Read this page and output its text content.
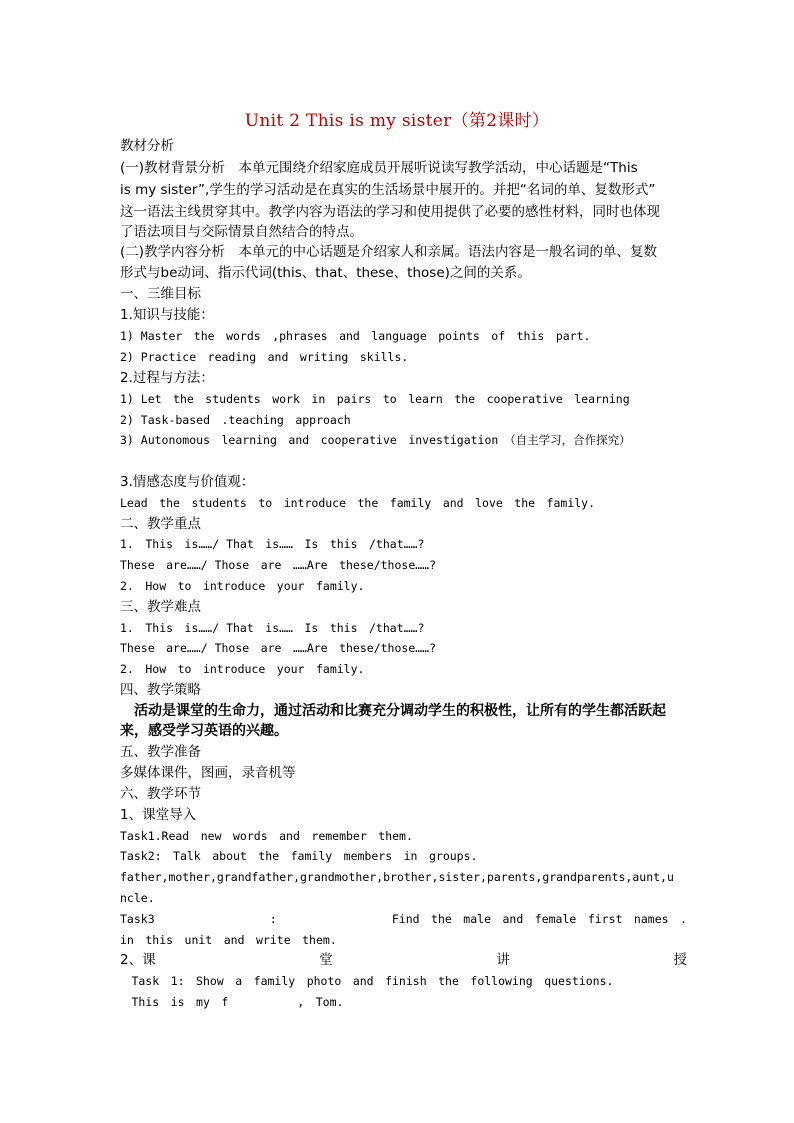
Unit 2 This is my sister（第2课时）
教材分析
(一)教材背景分析　本单元围绕介绍家庭成员开展听说读写教学活动，中心话题是“This
is my sister”,学生的学习活动是在真实的生活场景中展开的。并把“名词的单、复数形式”
这一语法主线贯穿其中。教学内容为语法的学习和使用提供了必要的感性材料，同时也体现
了语法项目与交际情景自然结合的特点。
(二)教学内容分析　本单元的中心话题是介绍家人和亲属。语法内容是一般名词的单、复数
形式与be动词、指示代词(this、that、these、those)之间的关系。
一、三维目标
1.知识与技能：
1) Master　the　words　,phrases　and　language　points　of　this　part.
2) Practice　reading　and　writing　skills.
2.过程与方法：
1) Let　the　students　work　in　pairs　to　learn　the　cooperative　learning
2) Task-based　.teaching　approach
3) Autonomous　learning　and　cooperative　investigation　（自主学习，合作探究）
3.情感态度与价值观：
Lead　the　students　to　introduce　the　family　and　love　the　family.
二、教学重点
1.　This　is……/ That　is……　Is　this　/that……?
These　are……/ Those　are　……Are　these/those……?
2.　How　to　introduce　your　family.
三、教学难点
1.　This　is……/ That　is……　Is　this　/that……?
These　are……/ Those　are　……Are　these/those……?
2.　How　to　introduce　your　family.
四、教学策略
　活动是课堂的生命力，通过活动和比赛充分调动学生的积极性，让所有的学生都活跃起
来，感受学习英语的兴趣。
五、教学准备
多媒体课件，图画，录音机等
六、教学环节
1、课堂导入
Task1.Read　new　words　and　remember　them.
Task2:　Talk　about　the　family　members　in　groups.
father,mother,grandfather,grandmother,brother,sister,parents,grandparents,aunt,u
ncle.
Task3	:	Find　the　male　and　female　first　names　.
in　this　unit　and　write　them.
2、课	堂	讲	授
　Task　1:　Show　a　family　photo　and　finish　the　following　questions.
　This　is　my　f　　　　　　,　Tom.
